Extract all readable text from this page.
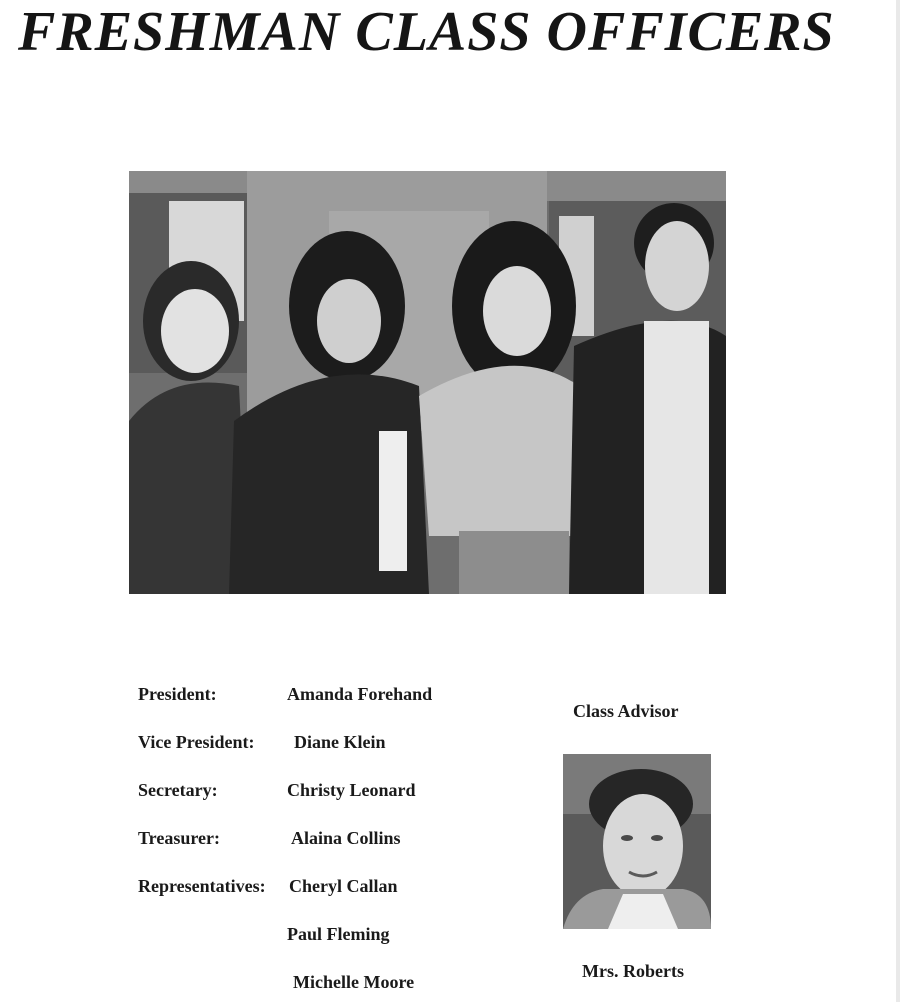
FRESHMAN CLASS OFFICERS
President:	Amanda Forehand
Vice President: Diane Klein
Secretary:	Christy Leonard
Treasurer:	Alaina Collins
Representatives: Cheryl Callan
Paul Fleming
Michelle Moore
Class Advisor
Mrs. Roberts
